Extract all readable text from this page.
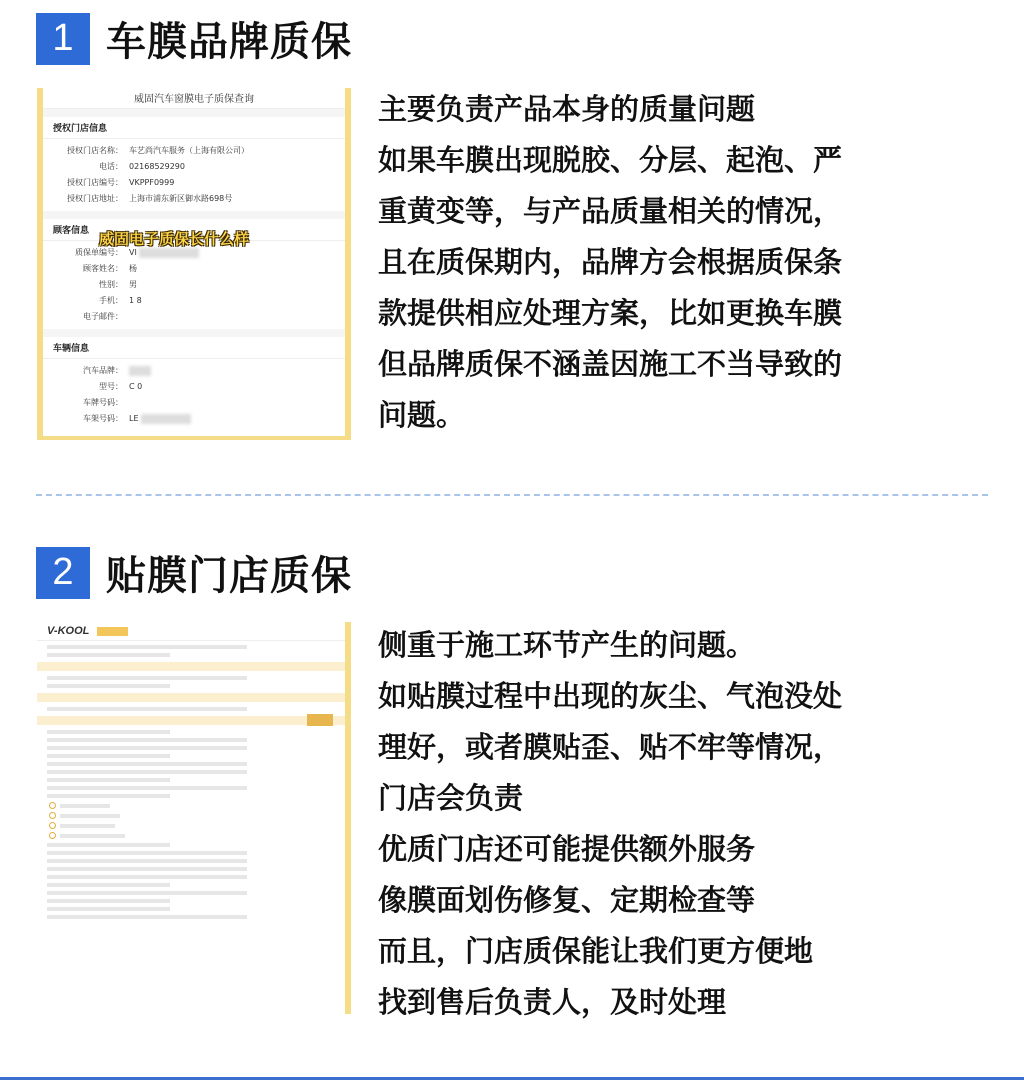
1 车膜品牌质保
威固汽车窗膜电子质保查询
授权门店信息
授权门店名称： 车艺尚汽车服务（上海有限公司）
电话： 02168529290
授权门店编号： VKPPF0999
授权门店地址： 上海市浦东新区御水路698号
顾客信息
质保单编号： VI
顾客姓名： 杨
性别： 男
手机： 1 8
电子邮件：
车辆信息
汽车品牌：
型号： C 0
车牌号码：
车架号码： LE
威固电子质保长什么样
主要负责产品本身的质量问题
如果车膜出现脱胶、分层、起泡、严
重黄变等，与产品质量相关的情况，
且在质保期内，品牌方会根据质保条
款提供相应处理方案，比如更换车膜
但品牌质保不涵盖因施工不当导致的
问题。
2 贴膜门店质保
V-KOOL
	侧重于施工环节产生的问题。
如贴膜过程中出现的灰尘、气泡没处
理好，或者膜贴歪、贴不牢等情况，
门店会负责
优质门店还可能提供额外服务
像膜面划伤修复、定期检查等
而且，门店质保能让我们更方便地
找到售后负责人，及时处理
